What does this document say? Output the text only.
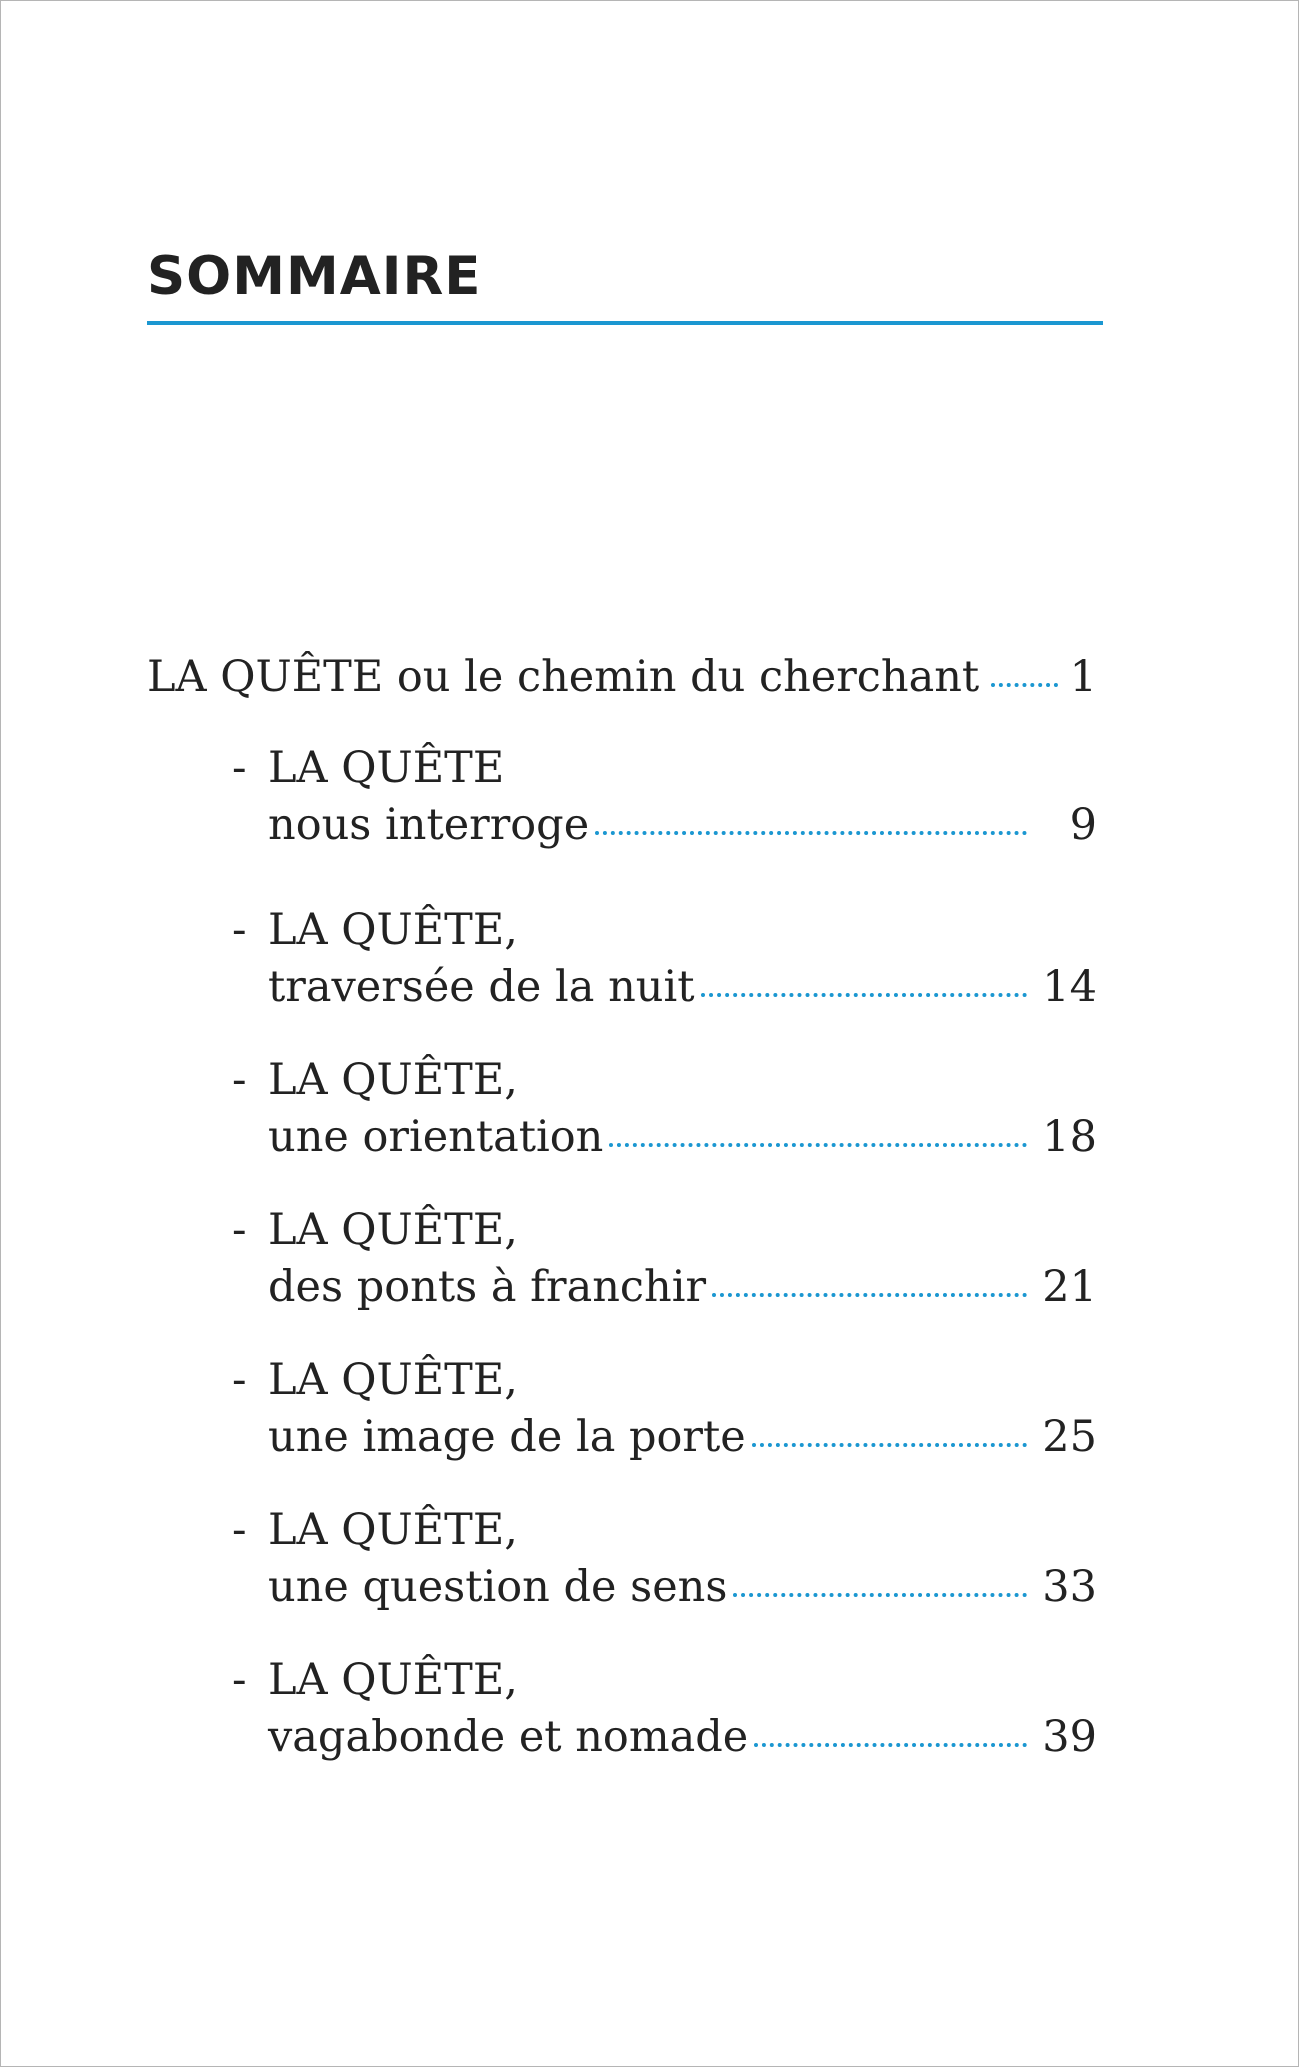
SOMMAIRE
LA QUÊTE ou le chemin du cherchant 1
- LA QUÊTE
nous interroge	9
- LA QUÊTE,
traversée de la nuit	14
- LA QUÊTE,
une orientation	18
- LA QUÊTE,
des ponts à franchir	21
- LA QUÊTE,
une image de la porte	25
- LA QUÊTE,
une question de sens	33
- LA QUÊTE,
vagabonde et nomade	39
